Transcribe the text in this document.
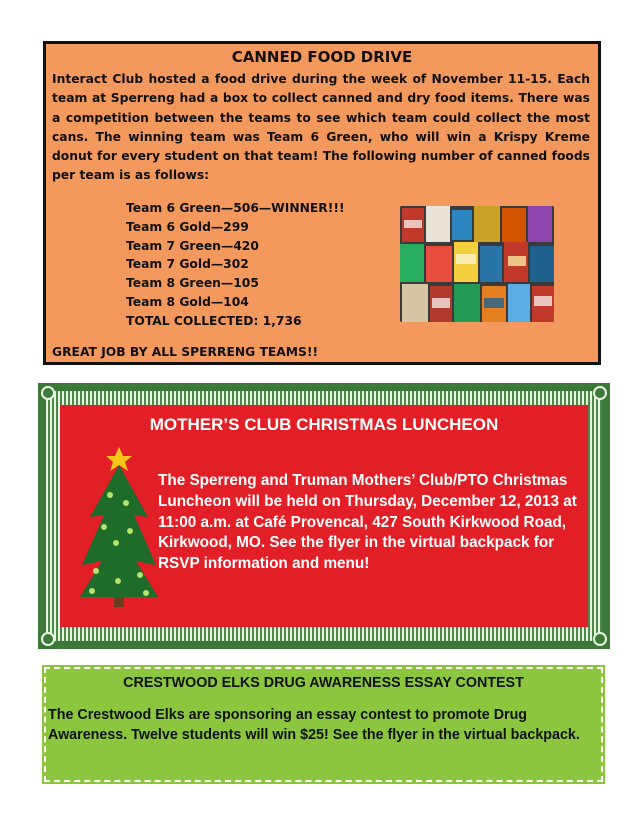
CANNED FOOD DRIVE
Interact Club hosted a food drive during the week of November 11-15. Each team at Sperreng had a box to collect canned and dry food items. There was a competition between the teams to see which team could collect the most cans. The winning team was Team 6 Green, who will win a Krispy Kreme donut for every student on that team! The following number of canned foods per team is as follows:
Team 6 Green—506—WINNER!!!
Team 6 Gold—299
Team 7 Green—420
Team 7 Gold—302
Team 8 Green—105
Team 8 Gold—104
TOTAL COLLECTED: 1,736
GREAT JOB BY ALL SPERRENG TEAMS!!
MOTHER’S CLUB CHRISTMAS LUNCHEON
The Sperreng and Truman Mothers’ Club/PTO Christmas Luncheon will be held on Thursday, December 12, 2013 at 11:00 a.m. at Café Provencal, 427 South Kirkwood Road, Kirkwood, MO. See the flyer in the virtual backpack for RSVP information and menu!
CRESTWOOD ELKS DRUG AWARENESS ESSAY CONTEST
The Crestwood Elks are sponsoring an essay contest to promote Drug Awareness. Twelve students will win $25! See the flyer in the virtual backpack.
